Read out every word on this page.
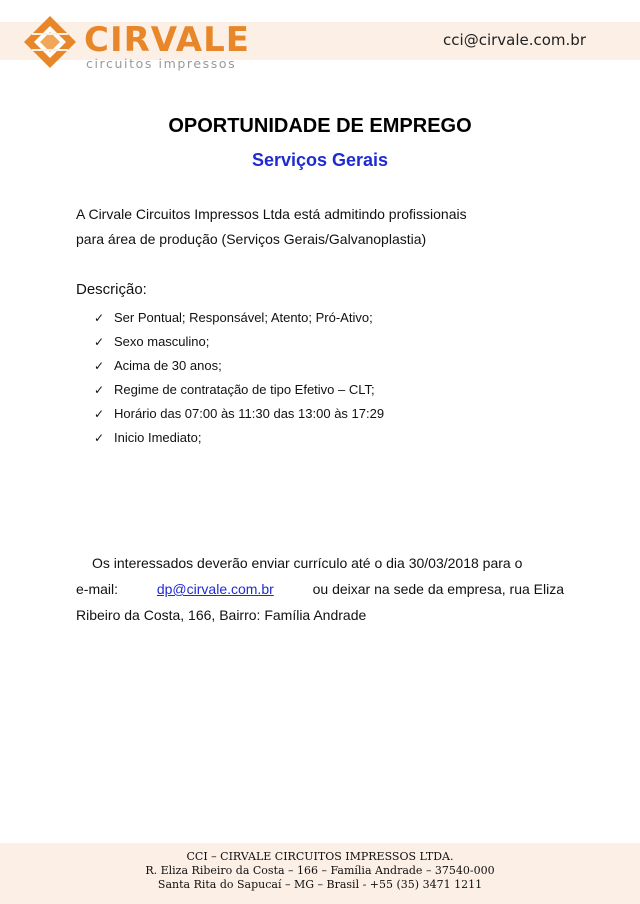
CIRVALE
circuitos impressos
cci@cirvale.com.br
OPORTUNIDADE DE EMPREGO
Serviços Gerais
A Cirvale Circuitos Impressos Ltda está admitindo profissionais
para área de produção (Serviços Gerais/Galvanoplastia)
Descrição:
✓ Ser Pontual; Responsável; Atento; Pró-Ativo;
✓ Sexo masculino;
✓ Acima de 30 anos;
✓ Regime de contratação de tipo Efetivo – CLT;
✓ Horário das 07:00 às 11:30 das 13:00 às 17:29
✓ Inicio Imediato;
Os interessados deverão enviar currículo até o dia 30/03/2018 para o
e-mail:	dp@cirvale.com.br	ou deixar na sede da empresa, rua Eliza
Ribeiro da Costa, 166, Bairro: Família Andrade
CCI – CIRVALE CIRCUITOS IMPRESSOS LTDA.
R. Eliza Ribeiro da Costa – 166 – Família Andrade – 37540-000
Santa Rita do Sapucaí – MG – Brasil - +55 (35) 3471 1211
